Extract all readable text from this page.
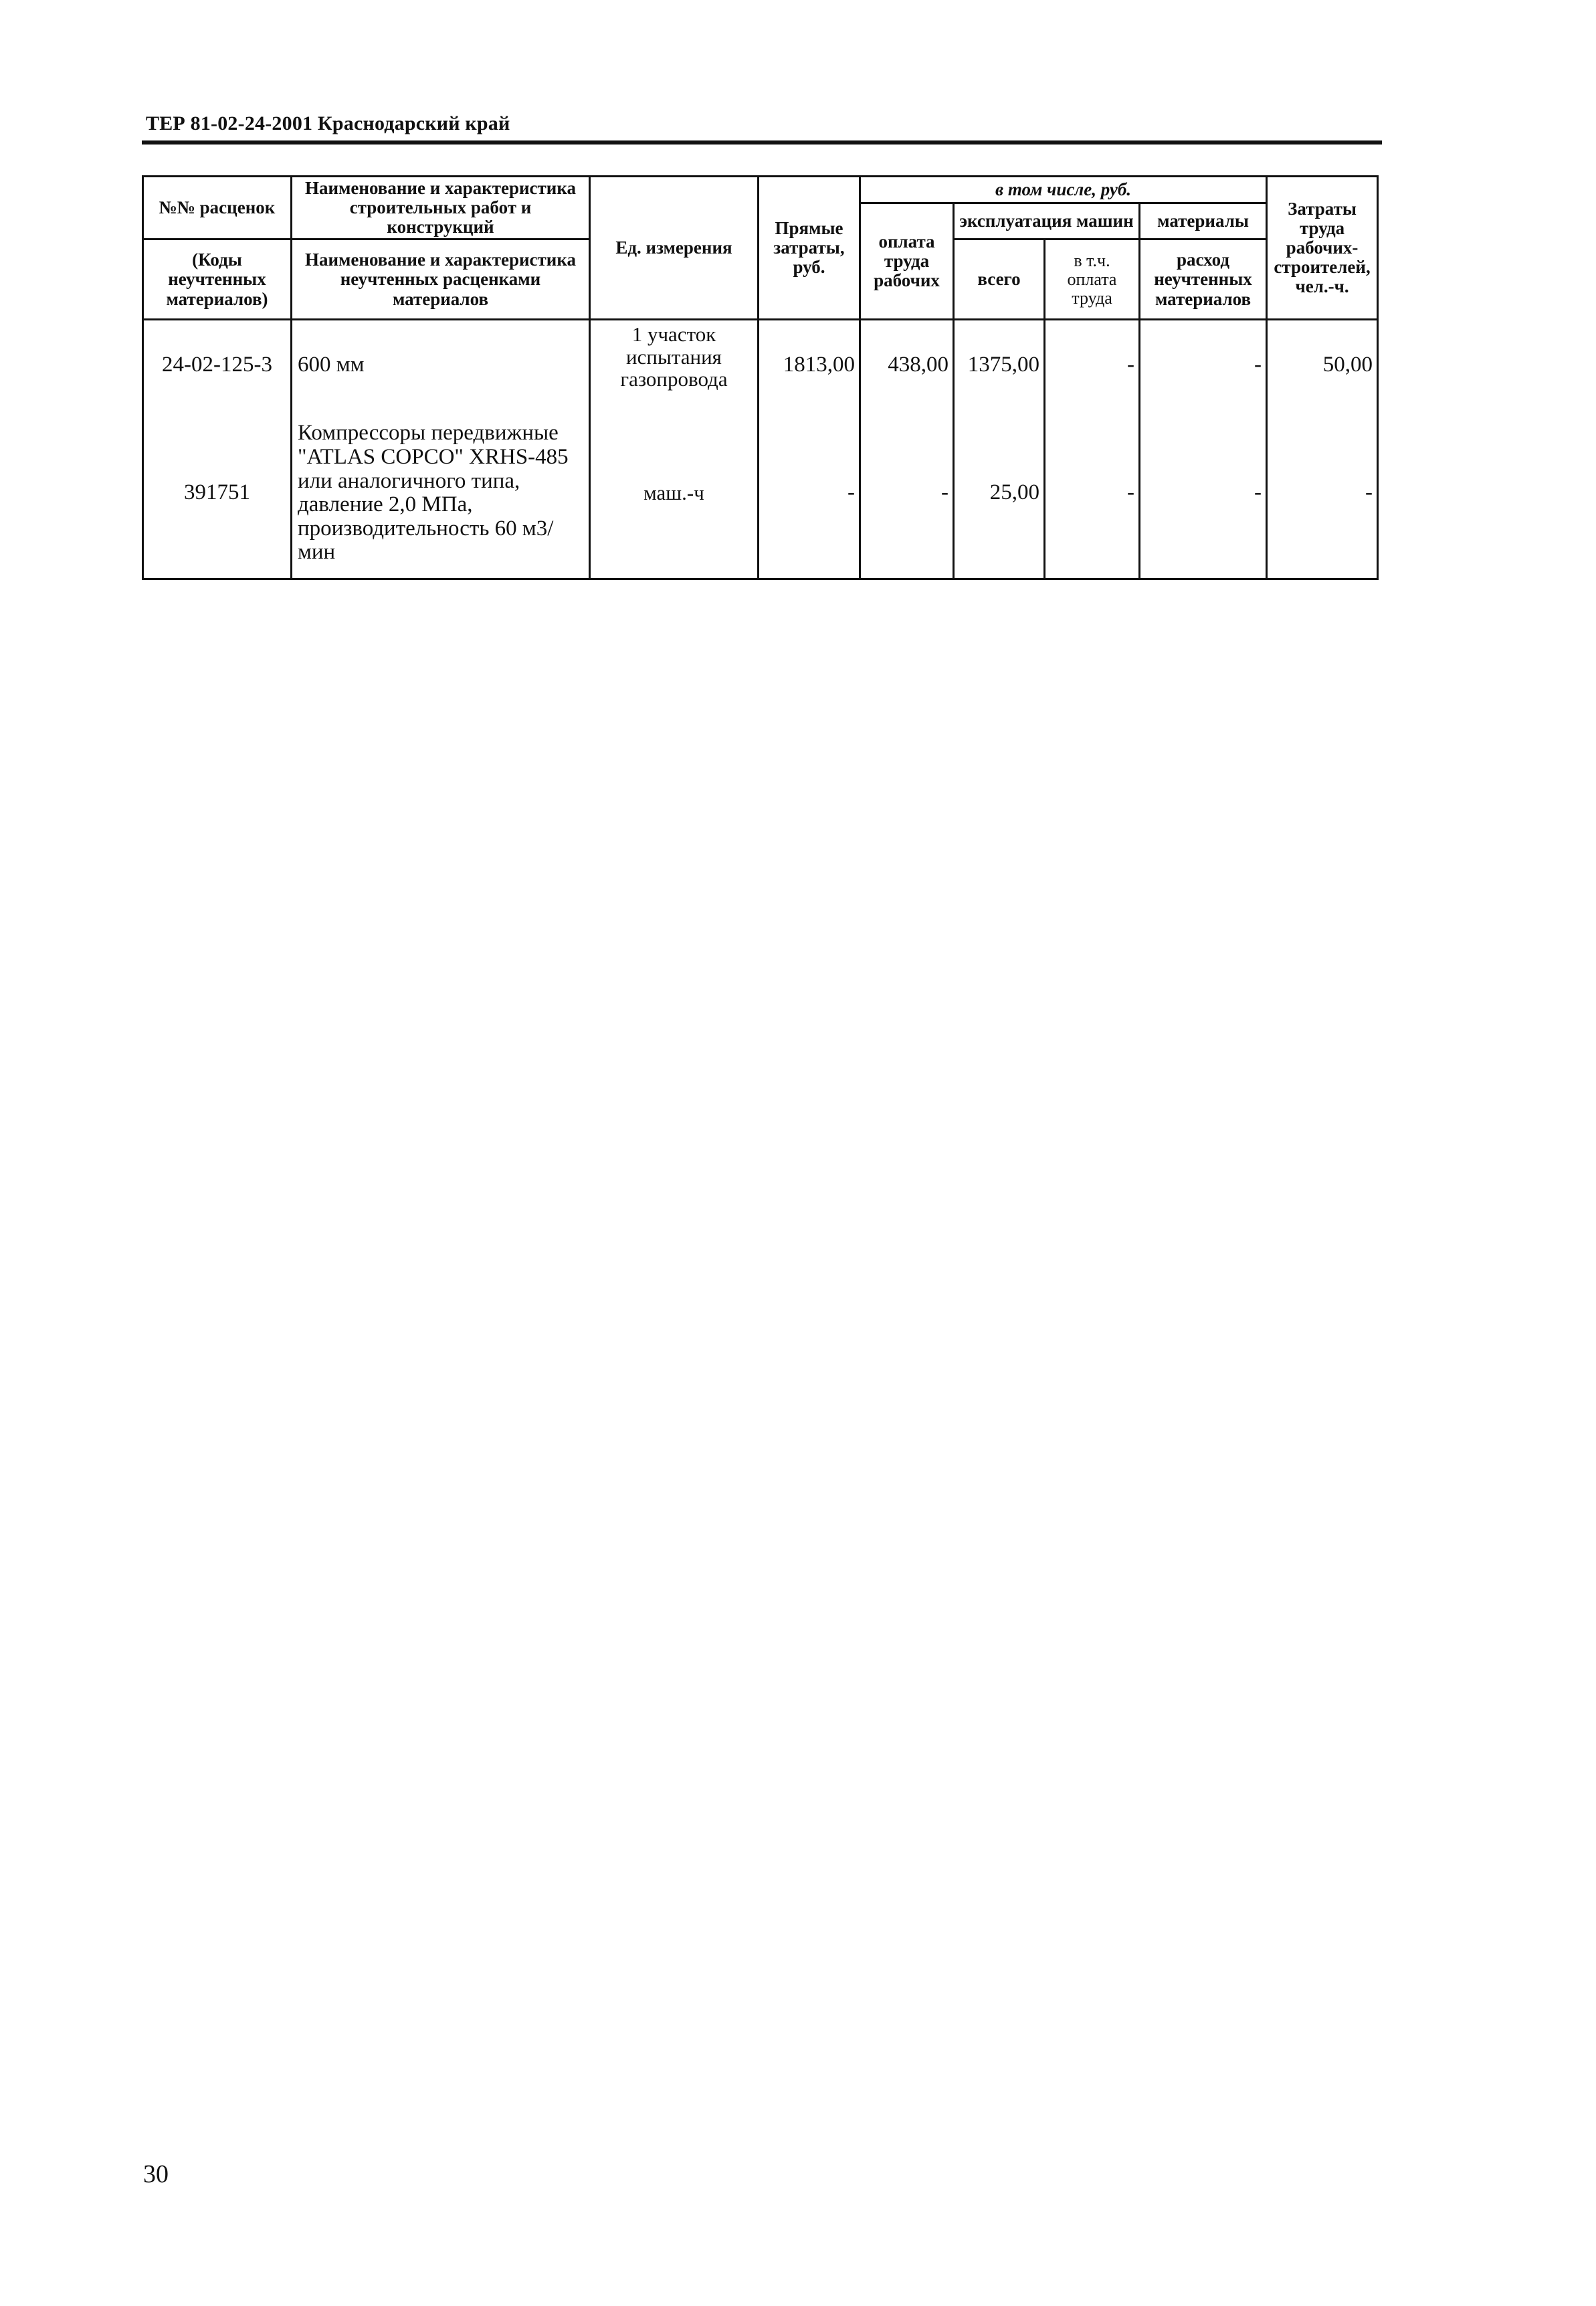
ТЕР 81-02-24-2001 Краснодарский край
№№ расценок	Наименование и характеристика строительных работ и конструкций	Ед. измерения	Прямые затраты, руб.	в том числе, руб.				Затраты труда рабочих-строителей, чел.-ч.
				оплата труда рабочих	эксплуатация машин		материалы	

(Коды неучтенных материалов)	Наименование и характеристика неучтенных расценками материалов				всего	в т.ч. оплата труда	расход неучтенных материалов	

24-02-125-3	600 мм	1 участок испытания газопровода	1813,00	438,00	1375,00	-	-	50,00
391751	Компрессоры передвижные "ATLAS COPCO" XRHS-485 или аналогичного типа, давление 2,0 МПа, производительность 60 м3/мин	маш.-ч	-	-	25,00	-	-	-
30
